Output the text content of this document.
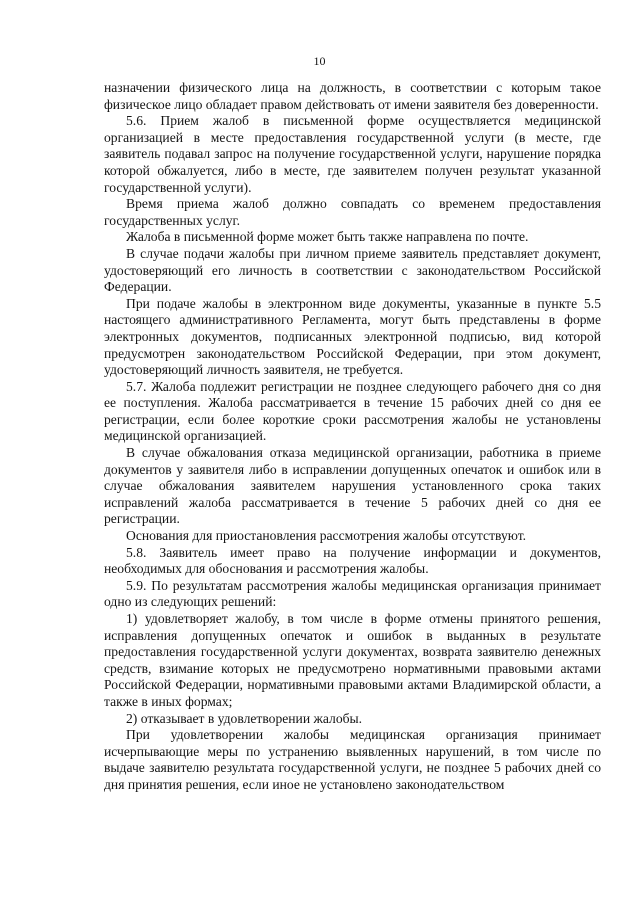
10

назначении физического лица на должность, в соответствии с которым такое физическое лицо обладает правом действовать от имени заявителя без доверенности.

5.6. Прием жалоб в письменной форме осуществляется медицинской организацией в месте предоставления государственной услуги (в месте, где заявитель подавал запрос на получение государственной услуги, нарушение порядка которой обжалуется, либо в месте, где заявителем получен результат указанной государственной услуги).

Время приема жалоб должно совпадать со временем предоставления государственных услуг.

Жалоба в письменной форме может быть также направлена по почте.

В случае подачи жалобы при личном приеме заявитель представляет документ, удостоверяющий его личность в соответствии с законодательством Российской Федерации.

При подаче жалобы в электронном виде документы, указанные в пункте 5.5 настоящего административного Регламента, могут быть представлены в форме электронных документов, подписанных электронной подписью, вид которой предусмотрен законодательством Российской Федерации, при этом документ, удостоверяющий личность заявителя, не требуется.

5.7. Жалоба подлежит регистрации не позднее следующего рабочего дня со дня ее поступления. Жалоба рассматривается в течение 15 рабочих дней со дня ее регистрации, если более короткие сроки рассмотрения жалобы не установлены медицинской организацией.

В случае обжалования отказа медицинской организации, работника в приеме документов у заявителя либо в исправлении допущенных опечаток и ошибок или в случае обжалования заявителем нарушения установленного срока таких исправлений жалоба рассматривается в течение 5 рабочих дней со дня ее регистрации.

Основания для приостановления рассмотрения жалобы отсутствуют.

5.8. Заявитель имеет право на получение информации и документов, необходимых для обоснования и рассмотрения жалобы.

5.9. По результатам рассмотрения жалобы медицинская организация принимает одно из следующих решений:

1) удовлетворяет жалобу, в том числе в форме отмены принятого решения, исправления допущенных опечаток и ошибок в выданных в результате предоставления государственной услуги документах, возврата заявителю денежных средств, взимание которых не предусмотрено нормативными правовыми актами Российской Федерации, нормативными правовыми актами Владимирской области, а также в иных формах;

2) отказывает в удовлетворении жалобы.

При удовлетворении жалобы медицинская организация принимает исчерпывающие меры по устранению выявленных нарушений, в том числе по выдаче заявителю результата государственной услуги, не позднее 5 рабочих дней со дня принятия решения, если иное не установлено законодательством
